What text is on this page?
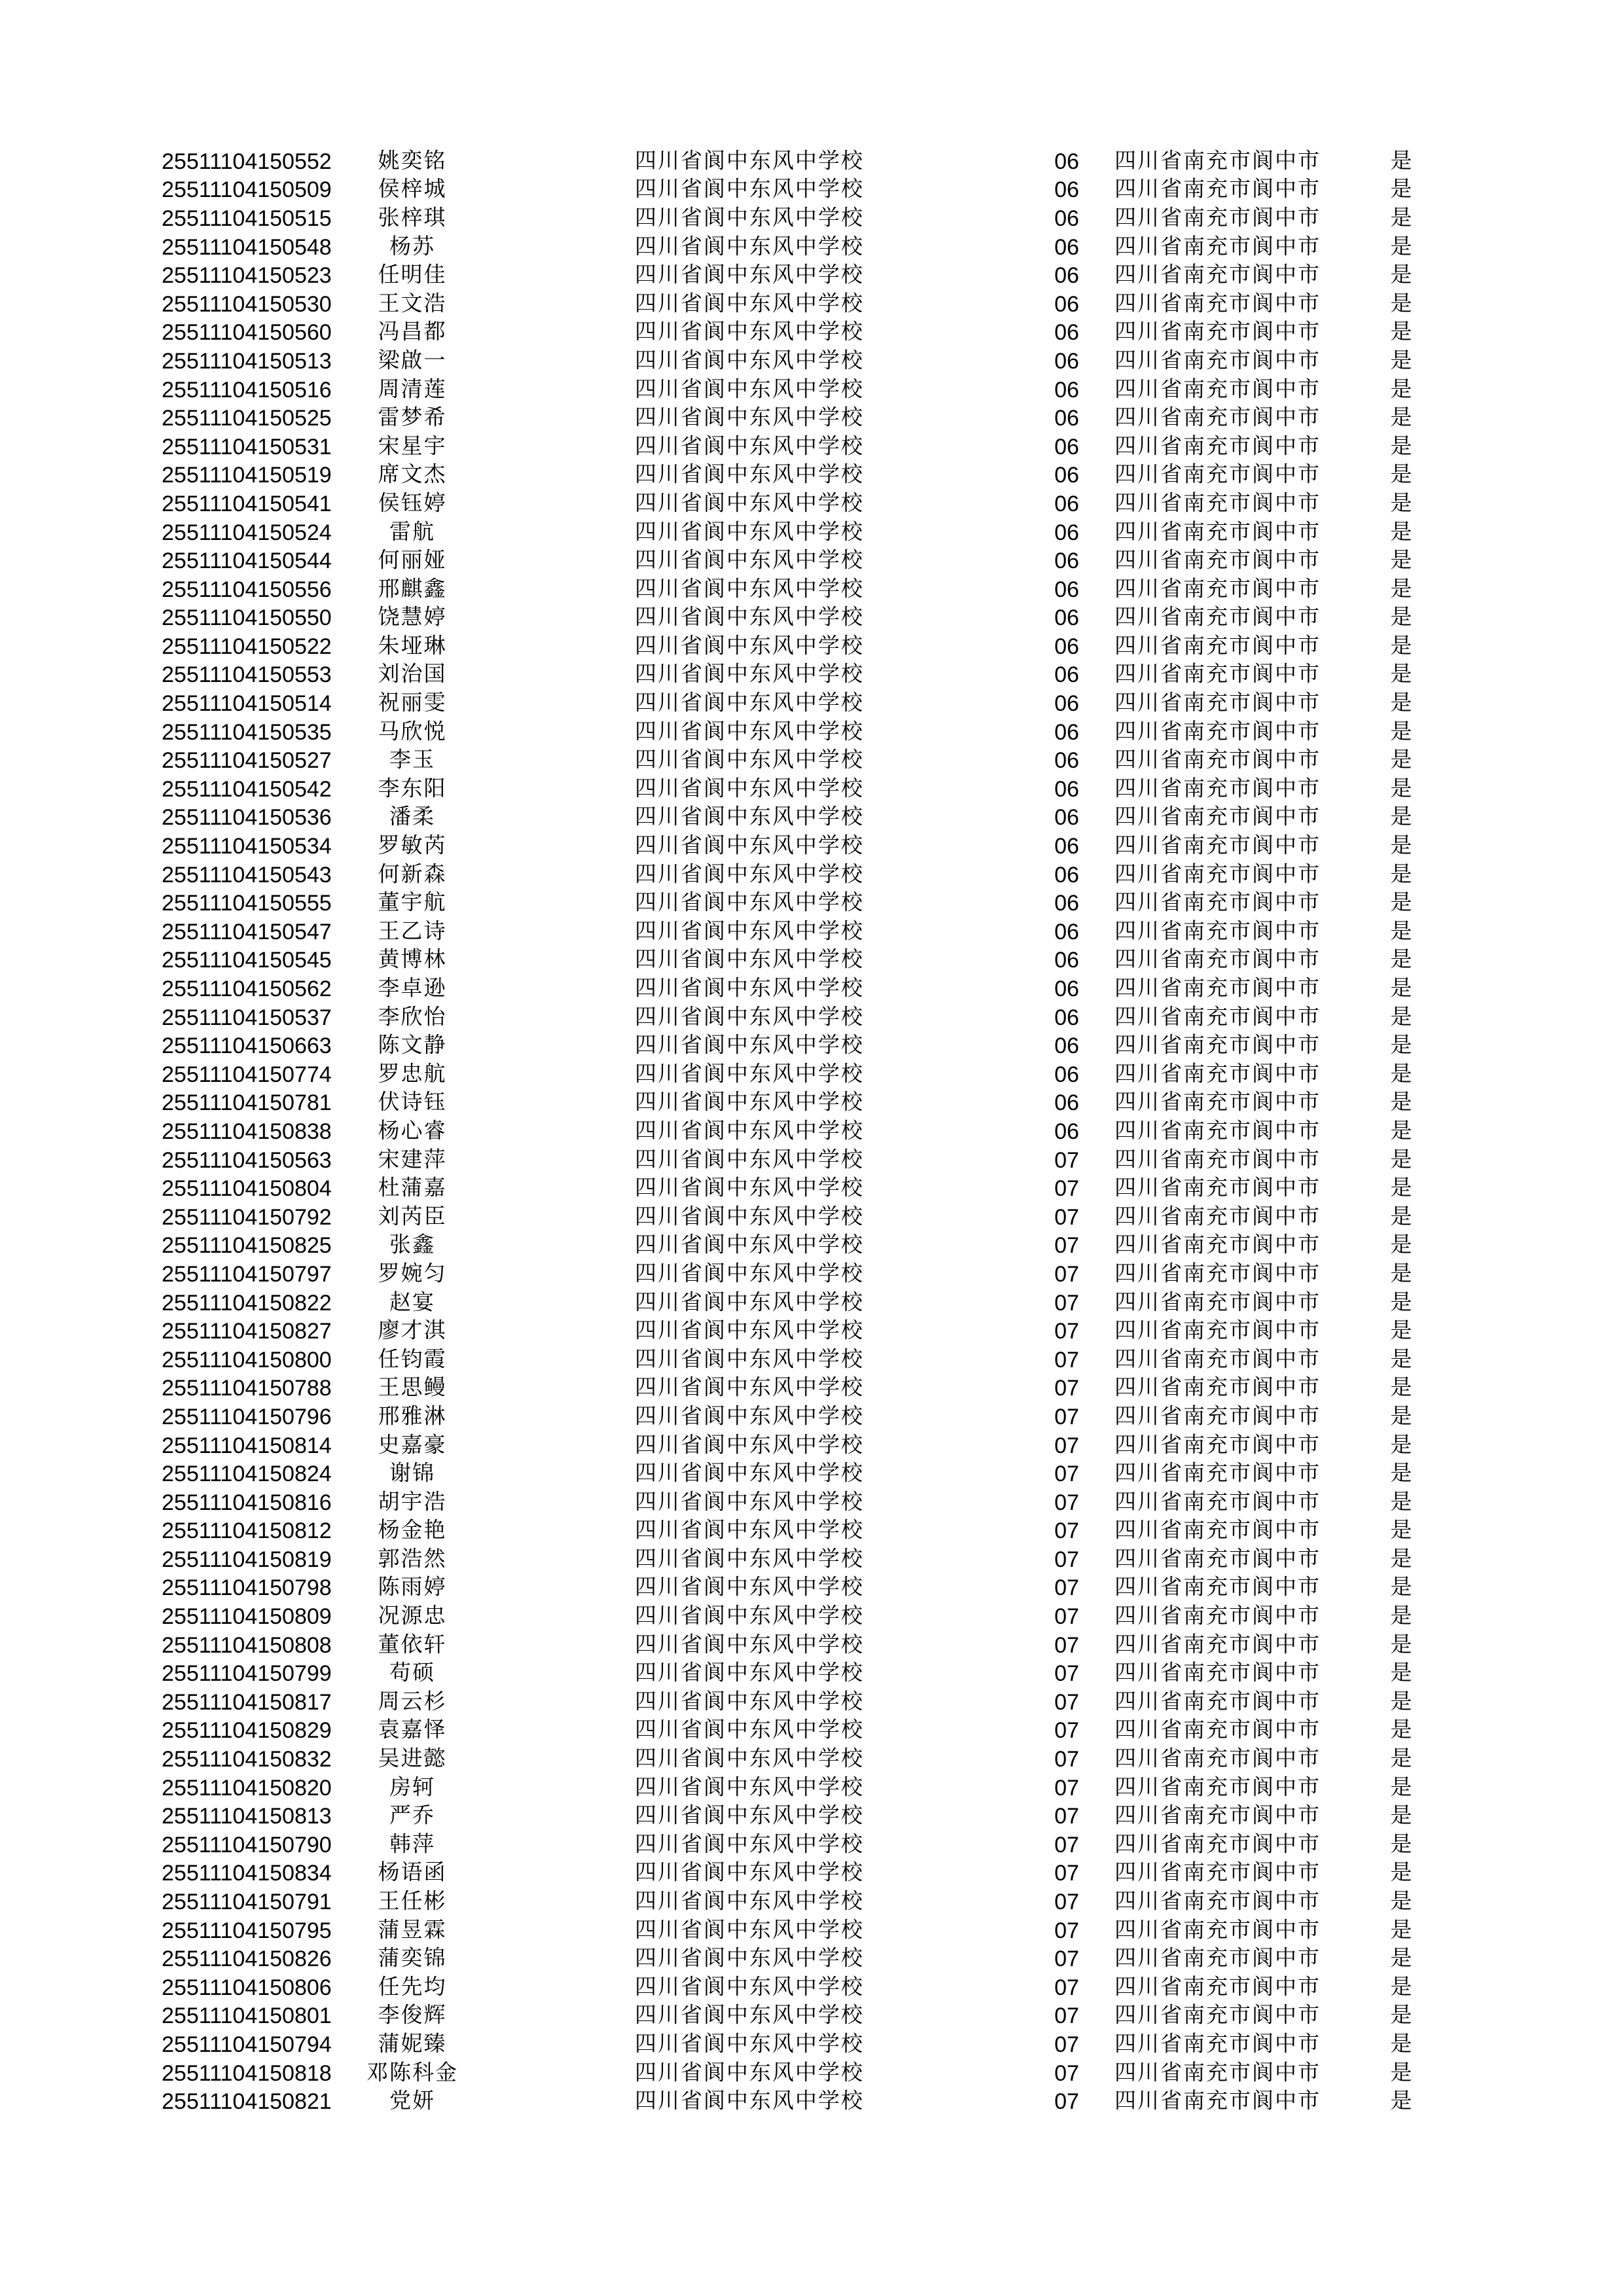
25511104150552	姚奕铭	四川省阆中东风中学校	06	四川省南充市阆中市	是
25511104150509	侯梓城	四川省阆中东风中学校	06	四川省南充市阆中市	是
25511104150515	张梓琪	四川省阆中东风中学校	06	四川省南充市阆中市	是
25511104150548	杨苏	四川省阆中东风中学校	06	四川省南充市阆中市	是
25511104150523	任明佳	四川省阆中东风中学校	06	四川省南充市阆中市	是
25511104150530	王文浩	四川省阆中东风中学校	06	四川省南充市阆中市	是
25511104150560	冯昌都	四川省阆中东风中学校	06	四川省南充市阆中市	是
25511104150513	梁啟一	四川省阆中东风中学校	06	四川省南充市阆中市	是
25511104150516	周清莲	四川省阆中东风中学校	06	四川省南充市阆中市	是
25511104150525	雷梦希	四川省阆中东风中学校	06	四川省南充市阆中市	是
25511104150531	宋星宇	四川省阆中东风中学校	06	四川省南充市阆中市	是
25511104150519	席文杰	四川省阆中东风中学校	06	四川省南充市阆中市	是
25511104150541	侯钰婷	四川省阆中东风中学校	06	四川省南充市阆中市	是
25511104150524	雷航	四川省阆中东风中学校	06	四川省南充市阆中市	是
25511104150544	何丽娅	四川省阆中东风中学校	06	四川省南充市阆中市	是
25511104150556	邢麒鑫	四川省阆中东风中学校	06	四川省南充市阆中市	是
25511104150550	饶慧婷	四川省阆中东风中学校	06	四川省南充市阆中市	是
25511104150522	朱垭琳	四川省阆中东风中学校	06	四川省南充市阆中市	是
25511104150553	刘治国	四川省阆中东风中学校	06	四川省南充市阆中市	是
25511104150514	祝丽雯	四川省阆中东风中学校	06	四川省南充市阆中市	是
25511104150535	马欣悦	四川省阆中东风中学校	06	四川省南充市阆中市	是
25511104150527	李玉	四川省阆中东风中学校	06	四川省南充市阆中市	是
25511104150542	李东阳	四川省阆中东风中学校	06	四川省南充市阆中市	是
25511104150536	潘柔	四川省阆中东风中学校	06	四川省南充市阆中市	是
25511104150534	罗敏芮	四川省阆中东风中学校	06	四川省南充市阆中市	是
25511104150543	何新森	四川省阆中东风中学校	06	四川省南充市阆中市	是
25511104150555	董宇航	四川省阆中东风中学校	06	四川省南充市阆中市	是
25511104150547	王乙诗	四川省阆中东风中学校	06	四川省南充市阆中市	是
25511104150545	黄博林	四川省阆中东风中学校	06	四川省南充市阆中市	是
25511104150562	李卓逊	四川省阆中东风中学校	06	四川省南充市阆中市	是
25511104150537	李欣怡	四川省阆中东风中学校	06	四川省南充市阆中市	是
25511104150663	陈文静	四川省阆中东风中学校	06	四川省南充市阆中市	是
25511104150774	罗忠航	四川省阆中东风中学校	06	四川省南充市阆中市	是
25511104150781	伏诗钰	四川省阆中东风中学校	06	四川省南充市阆中市	是
25511104150838	杨心睿	四川省阆中东风中学校	06	四川省南充市阆中市	是
25511104150563	宋建萍	四川省阆中东风中学校	07	四川省南充市阆中市	是
25511104150804	杜蒲嘉	四川省阆中东风中学校	07	四川省南充市阆中市	是
25511104150792	刘芮臣	四川省阆中东风中学校	07	四川省南充市阆中市	是
25511104150825	张鑫	四川省阆中东风中学校	07	四川省南充市阆中市	是
25511104150797	罗婉匀	四川省阆中东风中学校	07	四川省南充市阆中市	是
25511104150822	赵宴	四川省阆中东风中学校	07	四川省南充市阆中市	是
25511104150827	廖才淇	四川省阆中东风中学校	07	四川省南充市阆中市	是
25511104150800	任钧霞	四川省阆中东风中学校	07	四川省南充市阆中市	是
25511104150788	王思鳗	四川省阆中东风中学校	07	四川省南充市阆中市	是
25511104150796	邢雅淋	四川省阆中东风中学校	07	四川省南充市阆中市	是
25511104150814	史嘉豪	四川省阆中东风中学校	07	四川省南充市阆中市	是
25511104150824	谢锦	四川省阆中东风中学校	07	四川省南充市阆中市	是
25511104150816	胡宇浩	四川省阆中东风中学校	07	四川省南充市阆中市	是
25511104150812	杨金艳	四川省阆中东风中学校	07	四川省南充市阆中市	是
25511104150819	郭浩然	四川省阆中东风中学校	07	四川省南充市阆中市	是
25511104150798	陈雨婷	四川省阆中东风中学校	07	四川省南充市阆中市	是
25511104150809	况源忠	四川省阆中东风中学校	07	四川省南充市阆中市	是
25511104150808	董依轩	四川省阆中东风中学校	07	四川省南充市阆中市	是
25511104150799	苟硕	四川省阆中东风中学校	07	四川省南充市阆中市	是
25511104150817	周云杉	四川省阆中东风中学校	07	四川省南充市阆中市	是
25511104150829	袁嘉怿	四川省阆中东风中学校	07	四川省南充市阆中市	是
25511104150832	吴进懿	四川省阆中东风中学校	07	四川省南充市阆中市	是
25511104150820	房轲	四川省阆中东风中学校	07	四川省南充市阆中市	是
25511104150813	严乔	四川省阆中东风中学校	07	四川省南充市阆中市	是
25511104150790	韩萍	四川省阆中东风中学校	07	四川省南充市阆中市	是
25511104150834	杨语函	四川省阆中东风中学校	07	四川省南充市阆中市	是
25511104150791	王任彬	四川省阆中东风中学校	07	四川省南充市阆中市	是
25511104150795	蒲昱霖	四川省阆中东风中学校	07	四川省南充市阆中市	是
25511104150826	蒲奕锦	四川省阆中东风中学校	07	四川省南充市阆中市	是
25511104150806	任先均	四川省阆中东风中学校	07	四川省南充市阆中市	是
25511104150801	李俊辉	四川省阆中东风中学校	07	四川省南充市阆中市	是
25511104150794	蒲妮臻	四川省阆中东风中学校	07	四川省南充市阆中市	是
25511104150818	邓陈科金	四川省阆中东风中学校	07	四川省南充市阆中市	是
25511104150821	党妍	四川省阆中东风中学校	07	四川省南充市阆中市	是
